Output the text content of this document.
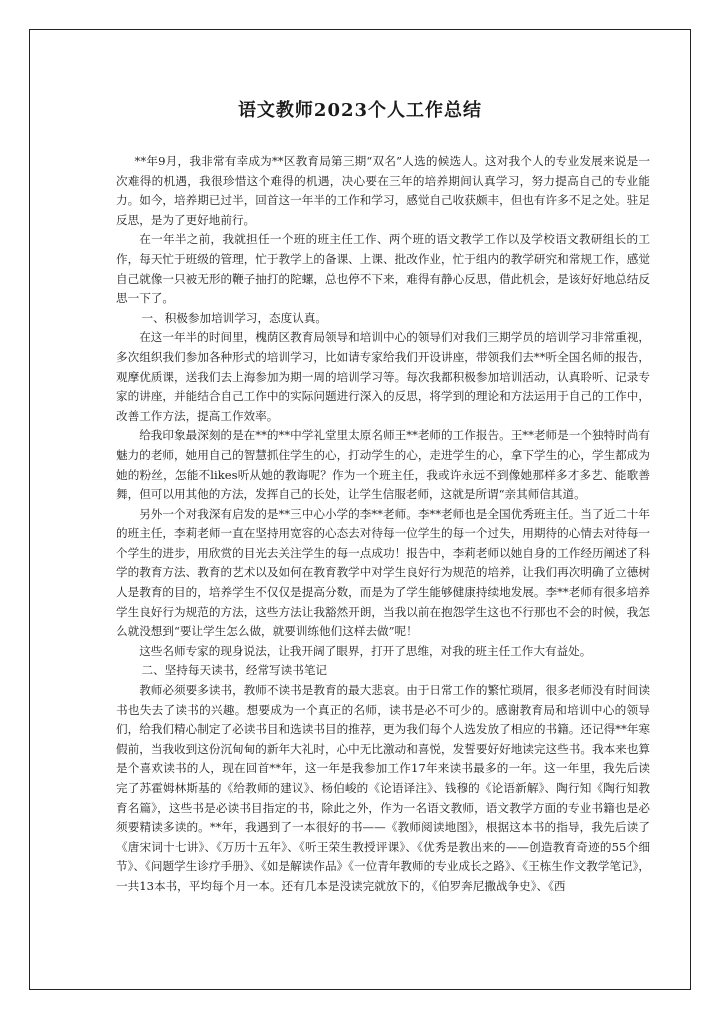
语文教师2023个人工作总结

**年9月，我非常有幸成为**区教育局第三期“双名”人选的候选人。这对我个人的专业发展来说是一次难得的机遇，我很珍惜这个难得的机遇，决心要在三年的培养期间认真学习，努力提高自己的专业能力。如今，培养期已过半，回首这一年半的工作和学习，感觉自己收获颇丰，但也有许多不足之处。驻足反思，是为了更好地前行。

在一年半之前，我就担任一个班的班主任工作、两个班的语文教学工作以及学校语文教研组长的工作，每天忙于班级的管理，忙于教学上的备课、上课、批改作业，忙于组内的教学研究和常规工作，感觉自己就像一只被无形的鞭子抽打的陀螺，总也停不下来，难得有静心反思，借此机会，是该好好地总结反思一下了。

一、积极参加培训学习，态度认真。

在这一年半的时间里，槐荫区教育局领导和培训中心的领导们对我们三期学员的培训学习非常重视，多次组织我们参加各种形式的培训学习，比如请专家给我们开设讲座，带领我们去**听全国名师的报告，观摩优质课，送我们去上海参加为期一周的培训学习等。每次我都积极参加培训活动，认真聆听、记录专家的讲座，并能结合自己工作中的实际问题进行深入的反思，将学到的理论和方法运用于自己的工作中，改善工作方法，提高工作效率。

给我印象最深刻的是在**的**中学礼堂里太原名师王**老师的工作报告。王**老师是一个独特时尚有魅力的老师，她用自己的智慧抓住学生的心，打动学生的心，走进学生的心，拿下学生的心，学生都成为她的粉丝，怎能不likes听从她的教诲呢？作为一个班主任，我或许永远不到像她那样多才多艺、能歌善舞，但可以用其他的方法，发挥自己的长处，让学生信服老师，这就是所谓“亲其师信其道。

另外一个对我深有启发的是**三中心小学的李**老师。李**老师也是全国优秀班主任。当了近二十年的班主任，李莉老师一直在坚持用宽容的心态去对待每一位学生的每一个过失，用期待的心情去对待每一个学生的进步，用欣赏的目光去关注学生的每一点成功！报告中，李莉老师以她自身的工作经历阐述了科学的教育方法、教育的艺术以及如何在教育教学中对学生良好行为规范的培养，让我们再次明确了立德树人是教育的目的，培养学生不仅仅是提高分数，而是为了学生能够健康持续地发展。李**老师有很多培养学生良好行为规范的方法，这些方法让我豁然开朗，当我以前在抱怨学生这也不行那也不会的时候，我怎么就没想到“要让学生怎么做，就要训练他们这样去做”呢！

这些名师专家的现身说法，让我开阔了眼界，打开了思维，对我的班主任工作大有益处。

二、坚持每天读书，经常写读书笔记

教师必须要多读书，教师不读书是教育的最大悲哀。由于日常工作的繁忙琐屑，很多老师没有时间读书也失去了读书的兴趣。想要成为一个真正的名师，读书是必不可少的。感谢教育局和培训中心的领导们，给我们精心制定了必读书目和选读书目的推荐，更为我们每个人选发放了相应的书籍。还记得**年寒假前，当我收到这份沉甸甸的新年大礼时，心中无比激动和喜悦，发誓要好好地读完这些书。我本来也算是个喜欢读书的人，现在回首**年，这一年是我参加工作17年来读书最多的一年。这一年里，我先后读完了苏霍姆林斯基的《给教师的建议》、杨伯峻的《论语译注》、钱穆的《论语新解》、陶行知《陶行知教育名篇》，这些书是必读书目指定的书，除此之外，作为一名语文教师，语文教学方面的专业书籍也是必须要精读多读的。**年，我遇到了一本很好的书——《教师阅读地图》，根据这本书的指导，我先后读了《唐宋词十七讲》、《万历十五年》、《听王荣生教授评课》、《优秀是教出来的——创造教育奇迹的55个细节》、《问题学生诊疗手册》、《如是解读作品》《一位青年教师的专业成长之路》、《王栋生作文教学笔记》，一共13本书，平均每个月一本。还有几本是没读完就放下的，《伯罗奔尼撒战争史》、《西
